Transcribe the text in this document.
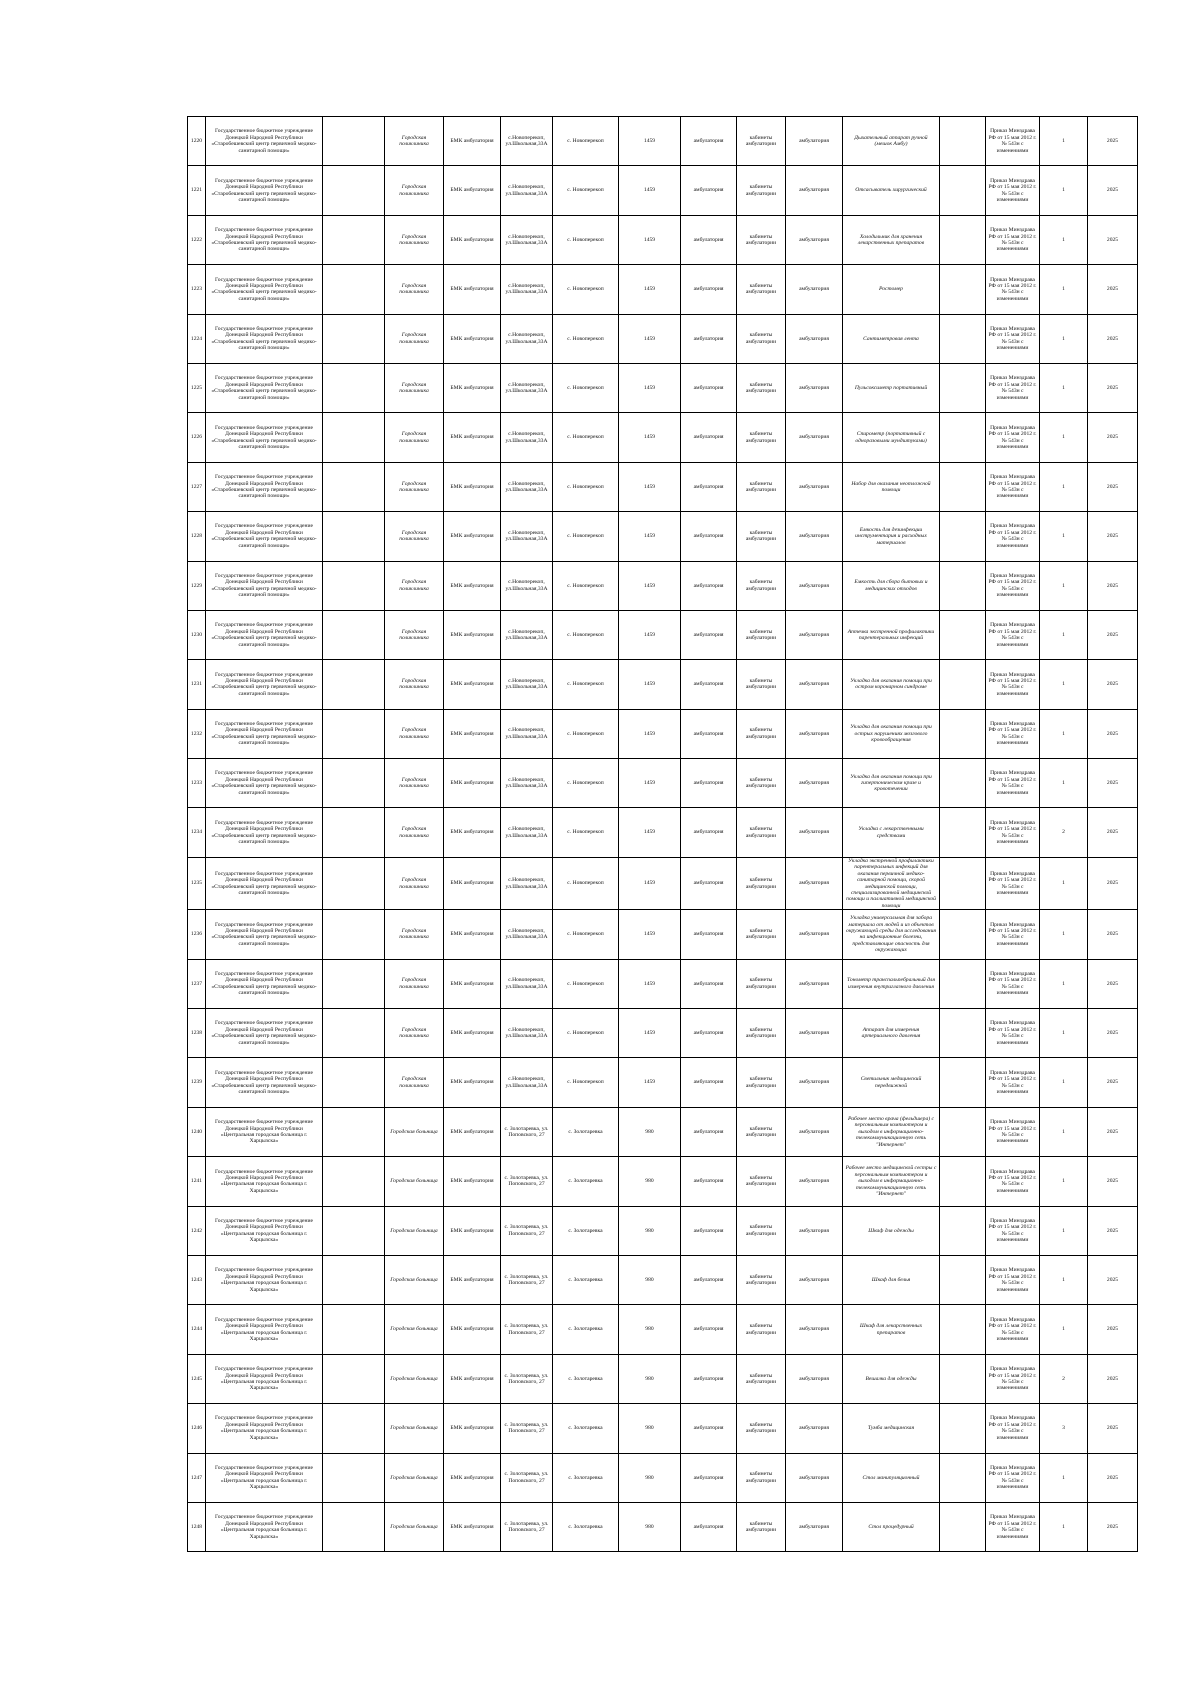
1220	Государственное бюджетное учреждение Донецкой Народной Республики «Старобешевский центр первичной медико-санитарной помощи»		Городская поликлиника	БМК амбулатория	с.Новоперекоп, ул.Школьная,33А	с. Новоперекоп	1459	амбулатория	кабинеты амбулатории	амбулатория	Дыхательный аппарат ручной (мешок Амбу)		Приказ Минздрава РФ от 15 мая 2012 г. № 543н с изменениями	1	2025
1221	Государственное бюджетное учреждение Донецкой Народной Республики «Старобешевский центр первичной медико-санитарной помощи»		Городская поликлиника	БМК амбулатория	с.Новоперекоп, ул.Школьная,33А	с. Новоперекоп	1459	амбулатория	кабинеты амбулатории	амбулатория	Отсасыватель хирургический		Приказ Минздрава РФ от 15 мая 2012 г. № 543н с изменениями	1	2025
1222	Государственное бюджетное учреждение Донецкой Народной Республики «Старобешевский центр первичной медико-санитарной помощи»		Городская поликлиника	БМК амбулатория	с.Новоперекоп, ул.Школьная,33А	с. Новоперекоп	1459	амбулатория	кабинеты амбулатории	амбулатория	Холодильник для хранения лекарственных препаратов		Приказ Минздрава РФ от 15 мая 2012 г. № 543н с изменениями	1	2025
1223	Государственное бюджетное учреждение Донецкой Народной Республики «Старобешевский центр первичной медико-санитарной помощи»		Городская поликлиника	БМК амбулатория	с.Новоперекоп, ул.Школьная,33А	с. Новоперекоп	1459	амбулатория	кабинеты амбулатории	амбулатория	Ростомер		Приказ Минздрава РФ от 15 мая 2012 г. № 543н с изменениями	1	2025
1224	Государственное бюджетное учреждение Донецкой Народной Республики «Старобешевский центр первичной медико-санитарной помощи»		Городская поликлиника	БМК амбулатория	с.Новоперекоп, ул.Школьная,33А	с. Новоперекоп	1459	амбулатория	кабинеты амбулатории	амбулатория	Сантиметровая лента		Приказ Минздрава РФ от 15 мая 2012 г. № 543н с изменениями	1	2025
1225	Государственное бюджетное учреждение Донецкой Народной Республики «Старобешевский центр первичной медико-санитарной помощи»		Городская поликлиника	БМК амбулатория	с.Новоперекоп, ул.Школьная,33А	с. Новоперекоп	1459	амбулатория	кабинеты амбулатории	амбулатория	Пульсоксиметр портативный		Приказ Минздрава РФ от 15 мая 2012 г. № 543н с изменениями	1	2025
1226	Государственное бюджетное учреждение Донецкой Народной Республики «Старобешевский центр первичной медико-санитарной помощи»		Городская поликлиника	БМК амбулатория	с.Новоперекоп, ул.Школьная,33А	с. Новоперекоп	1459	амбулатория	кабинеты амбулатории	амбулатория	Спирометр (портативный с одноразовыми мундштуками)		Приказ Минздрава РФ от 15 мая 2012 г. № 543н с изменениями	1	2025
1227	Государственное бюджетное учреждение Донецкой Народной Республики «Старобешевский центр первичной медико-санитарной помощи»		Городская поликлиника	БМК амбулатория	с.Новоперекоп, ул.Школьная,33А	с. Новоперекоп	1459	амбулатория	кабинеты амбулатории	амбулатория	Набор для оказания неотложной помощи		Приказ Минздрава РФ от 15 мая 2012 г. № 543н с изменениями	1	2025
1228	Государственное бюджетное учреждение Донецкой Народной Республики «Старобешевский центр первичной медико-санитарной помощи»		Городская поликлиника	БМК амбулатория	с.Новоперекоп, ул.Школьная,33А	с. Новоперекоп	1459	амбулатория	кабинеты амбулатории	амбулатория	Емкость для дезинфекции инструментария и расходных материалов		Приказ Минздрава РФ от 15 мая 2012 г. № 543н с изменениями	1	2025
1229	Государственное бюджетное учреждение Донецкой Народной Республики «Старобешевский центр первичной медико-санитарной помощи»		Городская поликлиника	БМК амбулатория	с.Новоперекоп, ул.Школьная,33А	с. Новоперекоп	1459	амбулатория	кабинеты амбулатории	амбулатория	Емкость для сбора бытовых и медицинских отходов		Приказ Минздрава РФ от 15 мая 2012 г. № 543н с изменениями	1	2025
1230	Государственное бюджетное учреждение Донецкой Народной Республики «Старобешевский центр первичной медико-санитарной помощи»		Городская поликлиника	БМК амбулатория	с.Новоперекоп, ул.Школьная,33А	с. Новоперекоп	1459	амбулатория	кабинеты амбулатории	амбулатория	Аптечка экстренной профилактики парентеральных инфекций		Приказ Минздрава РФ от 15 мая 2012 г. № 543н с изменениями	1	2025
1231	Государственное бюджетное учреждение Донецкой Народной Республики «Старобешевский центр первичной медико-санитарной помощи»		Городская поликлиника	БМК амбулатория	с.Новоперекоп, ул.Школьная,33А	с. Новоперекоп	1459	амбулатория	кабинеты амбулатории	амбулатория	Укладка для оказания помощи при остром коронарном синдроме		Приказ Минздрава РФ от 15 мая 2012 г. № 543н с изменениями	1	2025
1232	Государственное бюджетное учреждение Донецкой Народной Республики «Старобешевский центр первичной медико-санитарной помощи»		Городская поликлиника	БМК амбулатория	с.Новоперекоп, ул.Школьная,33А	с. Новоперекоп	1459	амбулатория	кабинеты амбулатории	амбулатория	Укладка для оказания помощи при острых нарушениях мозгового кровообращения		Приказ Минздрава РФ от 15 мая 2012 г. № 543н с изменениями	1	2025
1233	Государственное бюджетное учреждение Донецкой Народной Республики «Старобешевский центр первичной медико-санитарной помощи»		Городская поликлиника	БМК амбулатория	с.Новоперекоп, ул.Школьная,33А	с. Новоперекоп	1459	амбулатория	кабинеты амбулатории	амбулатория	Укладка для оказания помощи при гипертоническом кризе и кровотечении		Приказ Минздрава РФ от 15 мая 2012 г. № 543н с изменениями	1	2025
1234	Государственное бюджетное учреждение Донецкой Народной Республики «Старобешевский центр первичной медико-санитарной помощи»		Городская поликлиника	БМК амбулатория	с.Новоперекоп, ул.Школьная,33А	с. Новоперекоп	1459	амбулатория	кабинеты амбулатории	амбулатория	Укладка с лекарственными средствами		Приказ Минздрава РФ от 15 мая 2012 г. № 543н с изменениями	2	2025
1235	Государственное бюджетное учреждение Донецкой Народной Республики «Старобешевский центр первичной медико-санитарной помощи»		Городская поликлиника	БМК амбулатория	с.Новоперекоп, ул.Школьная,33А	с. Новоперекоп	1459	амбулатория	кабинеты амбулатории	амбулатория	Укладка экстренной профилактики парентеральных инфекций для оказания первичной медико-санитарной помощи, скорой медицинской помощи, специализированной медицинской помощи и паллиативной медицинской помощи		Приказ Минздрава РФ от 15 мая 2012 г. № 543н с изменениями	1	2025
1236	Государственное бюджетное учреждение Донецкой Народной Республики «Старобешевский центр первичной медико-санитарной помощи»		Городская поликлиника	БМК амбулатория	с.Новоперекоп, ул.Школьная,33А	с. Новоперекоп	1459	амбулатория	кабинеты амбулатории	амбулатория	Укладка универсальная для забора материала от людей и из объектов окружающей среды для исследования на инфекционные болезни, представляющие опасность для окружающих		Приказ Минздрава РФ от 15 мая 2012 г. № 543н с изменениями	1	2025
1237	Государственное бюджетное учреждение Донецкой Народной Республики «Старобешевский центр первичной медико-санитарной помощи»		Городская поликлиника	БМК амбулатория	с.Новоперекоп, ул.Школьная,33А	с. Новоперекоп	1459	амбулатория	кабинеты амбулатории	амбулатория	Тонометр транспальпебральный для измерения внутриглазного давления		Приказ Минздрава РФ от 15 мая 2012 г. № 543н с изменениями	1	2025
1238	Государственное бюджетное учреждение Донецкой Народной Республики «Старобешевский центр первичной медико-санитарной помощи»		Городская поликлиника	БМК амбулатория	с.Новоперекоп, ул.Школьная,33А	с. Новоперекоп	1459	амбулатория	кабинеты амбулатории	амбулатория	Аппарат для измерения артериального давления		Приказ Минздрава РФ от 15 мая 2012 г. № 543н с изменениями	1	2025
1239	Государственное бюджетное учреждение Донецкой Народной Республики «Старобешевский центр первичной медико-санитарной помощи»		Городская поликлиника	БМК амбулатория	с.Новоперекоп, ул.Школьная,33А	с. Новоперекоп	1459	амбулатория	кабинеты амбулатории	амбулатория	Светильник медицинский передвижной		Приказ Минздрава РФ от 15 мая 2012 г. № 543н с изменениями	1	2025
1240	Государственное бюджетное учреждение Донецкой Народной Республики «Центральная городская больница г. Харцызска»		Городская больница	БМК амбулатория	с. Золотаревка, ул. Поповского, 27	с. Золотаревка	980	амбулатория	кабинеты амбулатории	амбулатория	Рабочее место врача (фельдшера) с персональным компьютером и выходом в информационно-телекоммуникационную сеть "Интернет"		Приказ Минздрава РФ от 15 мая 2012 г. № 543н с изменениями	1	2025
1241	Государственное бюджетное учреждение Донецкой Народной Республики «Центральная городская больница г. Харцызска»		Городская больница	БМК амбулатория	с. Золотаревка, ул. Поповского, 27	с. Золотаревка	980	амбулатория	кабинеты амбулатории	амбулатория	Рабочее место медицинской сестры с персональным компьютером и выходом в информационно-телекоммуникационную сеть "Интернет"		Приказ Минздрава РФ от 15 мая 2012 г. № 543н с изменениями	1	2025
1242	Государственное бюджетное учреждение Донецкой Народной Республики «Центральная городская больница г. Харцызска»		Городская больница	БМК амбулатория	с. Золотаревка, ул. Поповского, 27	с. Золотаревка	980	амбулатория	кабинеты амбулатории	амбулатория	Шкаф для одежды		Приказ Минздрава РФ от 15 мая 2012 г. № 543н с изменениями	1	2025
1243	Государственное бюджетное учреждение Донецкой Народной Республики «Центральная городская больница г. Харцызска»		Городская больница	БМК амбулатория	с. Золотаревка, ул. Поповского, 27	с. Золотаревка	980	амбулатория	кабинеты амбулатории	амбулатория	Шкаф для белья		Приказ Минздрава РФ от 15 мая 2012 г. № 543н с изменениями	1	2025
1244	Государственное бюджетное учреждение Донецкой Народной Республики «Центральная городская больница г. Харцызска»		Городская больница	БМК амбулатория	с. Золотаревка, ул. Поповского, 27	с. Золотаревка	980	амбулатория	кабинеты амбулатории	амбулатория	Шкаф для лекарственных препаратов		Приказ Минздрава РФ от 15 мая 2012 г. № 543н с изменениями	1	2025
1245	Государственное бюджетное учреждение Донецкой Народной Республики «Центральная городская больница г. Харцызска»		Городская больница	БМК амбулатория	с. Золотаревка, ул. Поповского, 27	с. Золотаревка	980	амбулатория	кабинеты амбулатории	амбулатория	Вешалка для одежды		Приказ Минздрава РФ от 15 мая 2012 г. № 543н с изменениями	2	2025
1246	Государственное бюджетное учреждение Донецкой Народной Республики «Центральная городская больница г. Харцызска»		Городская больница	БМК амбулатория	с. Золотаревка, ул. Поповского, 27	с. Золотаревка	980	амбулатория	кабинеты амбулатории	амбулатория	Тумба медицинская		Приказ Минздрава РФ от 15 мая 2012 г. № 543н с изменениями	3	2025
1247	Государственное бюджетное учреждение Донецкой Народной Республики «Центральная городская больница г. Харцызска»		Городская больница	БМК амбулатория	с. Золотаревка, ул. Поповского, 27	с. Золотаревка	980	амбулатория	кабинеты амбулатории	амбулатория	Стол манипуляционный		Приказ Минздрава РФ от 15 мая 2012 г. № 543н с изменениями	1	2025
1248	Государственное бюджетное учреждение Донецкой Народной Республики «Центральная городская больница г. Харцызска»		Городская больница	БМК амбулатория	с. Золотаревка, ул. Поповского, 27	с. Золотаревка	980	амбулатория	кабинеты амбулатории	амбулатория	Стол процедурный		Приказ Минздрава РФ от 15 мая 2012 г. № 543н с изменениями	1	2025
